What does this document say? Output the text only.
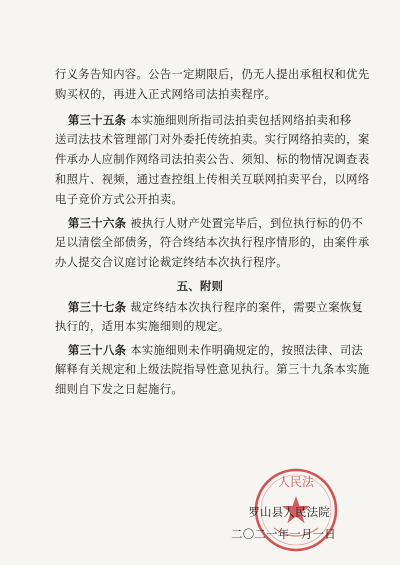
行义务告知内容。公告一定期限后，仍无人提出承租权和优先
购买权的，再进入正式网络司法拍卖程序。
第三十五条 本实施细则所指司法拍卖包括网络拍卖和移
送司法技术管理部门对外委托传统拍卖。实行网络拍卖的，案
件承办人应制作网络司法拍卖公告、须知、标的物情况调查表
和照片、视频，通过查控组上传相关互联网拍卖平台，以网络
电子竞价方式公开拍卖。
第三十六条 被执行人财产处置完毕后，到位执行标的仍不
足以清偿全部债务，符合终结本次执行程序情形的，由案件承
办人提交合议庭讨论裁定终结本次执行程序。
五、附则
第三十七条 裁定终结本次执行程序的案件，需要立案恢复
执行的，适用本实施细则的规定。
第三十八条 本实施细则未作明确规定的，按照法律、司法
解释有关规定和上级法院指导性意见执行。第三十九条本实施
细则自下发之日起施行。
人民法
罗山县人民法院
二〇二一年一月一日
